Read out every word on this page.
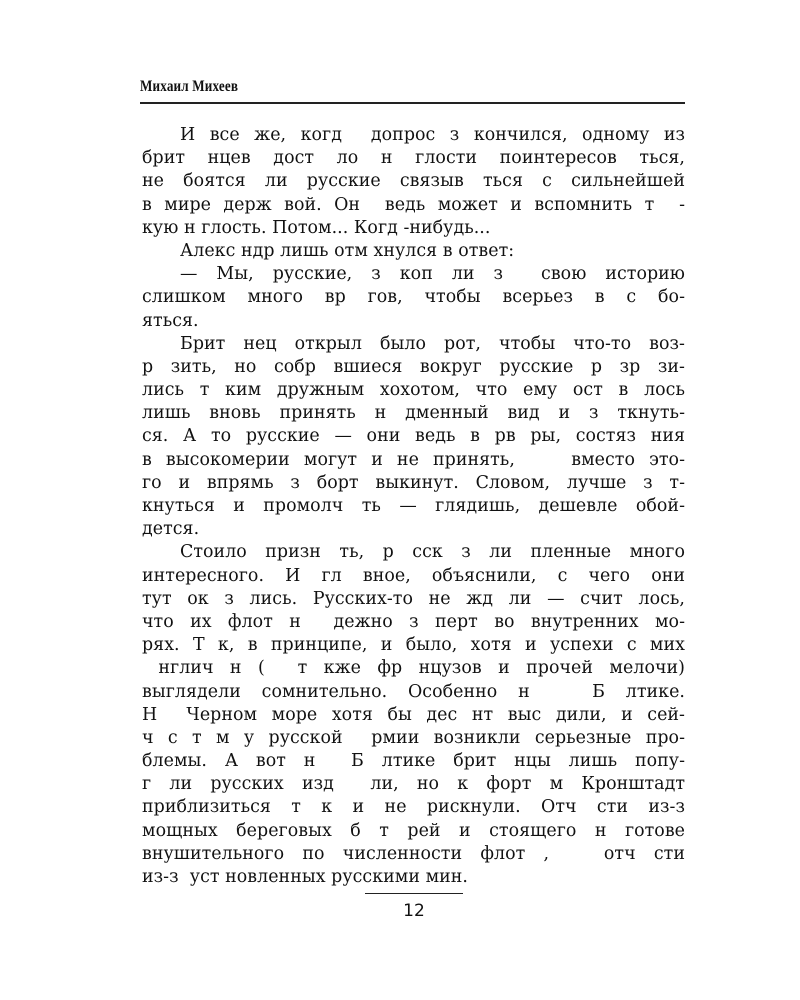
Михаил Михеев
И все же, когд  допрос з кончился, одному из
брит нцев дост ло н глости поинтересов ться,
не боятся ли русские связыв ться с сильнейшей
в мире держ вой. Он  ведь может и вспомнить т  -
кую н глость. Потом... Когд -нибудь...
Алекс ндр лишь отм хнулся в ответ:
— Мы, русские, з коп ли з  свою историю
слишком много вр гов, чтобы всерьез в с бо-
яться.
Брит нец открыл было рот, чтобы что-то воз-
р зить, но собр вшиеся вокруг русские р зр зи-
лись т ким дружным хохотом, что ему ост в лось
лишь вновь принять н дменный вид и з ткнуть-
ся. А то русские — они ведь в рв ры, состяз ния
в высокомерии могут и не принять,    вместо это-
го и впрямь з борт выкинут. Словом, лучше з т-
кнуться и промолч ть — глядишь, дешевле обой-
дется.
Стоило призн ть, р сск з ли пленные много
интересного. И гл вное, объяснили, с чего они
тут ок з лись. Русских-то не жд ли — счит лось,
что их флот н  дежно з перт во внутренних мо-
рях. Т к, в принципе, и было, хотя и успехи с мих
нглич н (  т кже фр нцузов и прочей мелочи)
выглядели сомнительно. Особенно н   Б лтике.
Н  Черном море хотя бы дес нт выс дили, и сей-
ч с т м у русской  рмии возникли серьезные про-
блемы. А вот н  Б лтике брит нцы лишь попу-
г ли русских изд  ли, но к форт м Кронштадт
приблизиться т к и не рискнули. Отч сти из-з
мощных береговых б т рей и стоящего н готове
внушительного по численности флот ,   отч сти
из-з  уст новленных русскими мин.
12
